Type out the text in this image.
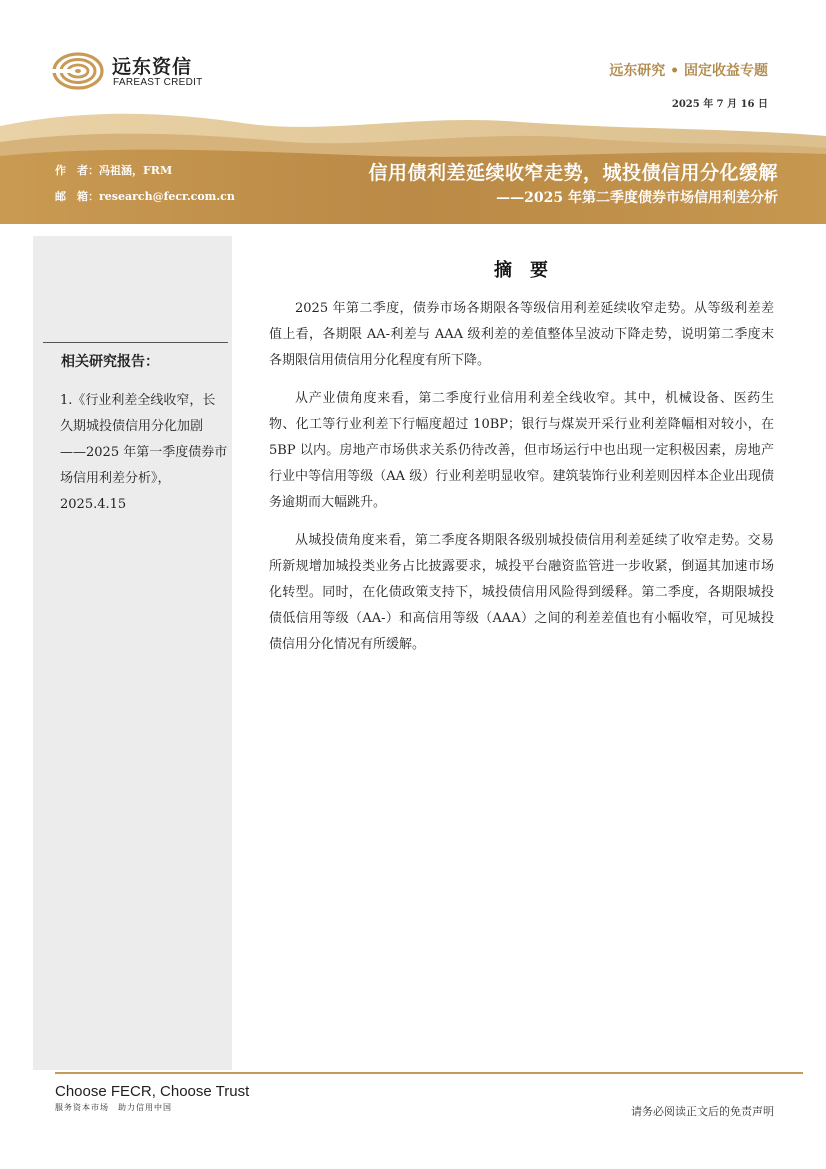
远东资信
FAREAST CREDIT
远东研究 • 固定收益专题
2025 年 7 月 16 日
作　者：冯祖涵，FRM
邮　箱：research@fecr.com.cn
信用债利差延续收窄走势，城投债信用分化缓解
——2025 年第二季度债券市场信用利差分析
相关研究报告：
1.《行业利差全线收窄，长久期城投债信用分化加剧——2025 年第一季度债券市场信用利差分析》，2025.4.15
摘要

2025 年第二季度，债券市场各期限各等级信用利差延续收窄走势。从等级利差差值上看，各期限 AA-利差与 AAA 级利差的差值整体呈波动下降走势，说明第二季度末各期限信用债信用分化程度有所下降。

从产业债角度来看，第二季度行业信用利差全线收窄。其中，机械设备、医药生物、化工等行业利差下行幅度超过 10BP；银行与煤炭开采行业利差降幅相对较小，在 5BP 以内。房地产市场供求关系仍待改善，但市场运行中也出现一定积极因素，房地产行业中等信用等级（AA 级）行业利差明显收窄。建筑装饰行业利差则因样本企业出现债务逾期而大幅跳升。

从城投债角度来看，第二季度各期限各级别城投债信用利差延续了收窄走势。交易所新规增加城投类业务占比披露要求，城投平台融资监管进一步收紧，倒逼其加速市场化转型。同时，在化债政策支持下，城投债信用风险得到缓释。第二季度，各期限城投债低信用等级（AA-）和高信用等级（AAA）之间的利差差值也有小幅收窄，可见城投债信用分化情况有所缓解。

Choose FECR, Choose Trust
服务资本市场　助力信用中国	请务必阅读正文后的免责声明
